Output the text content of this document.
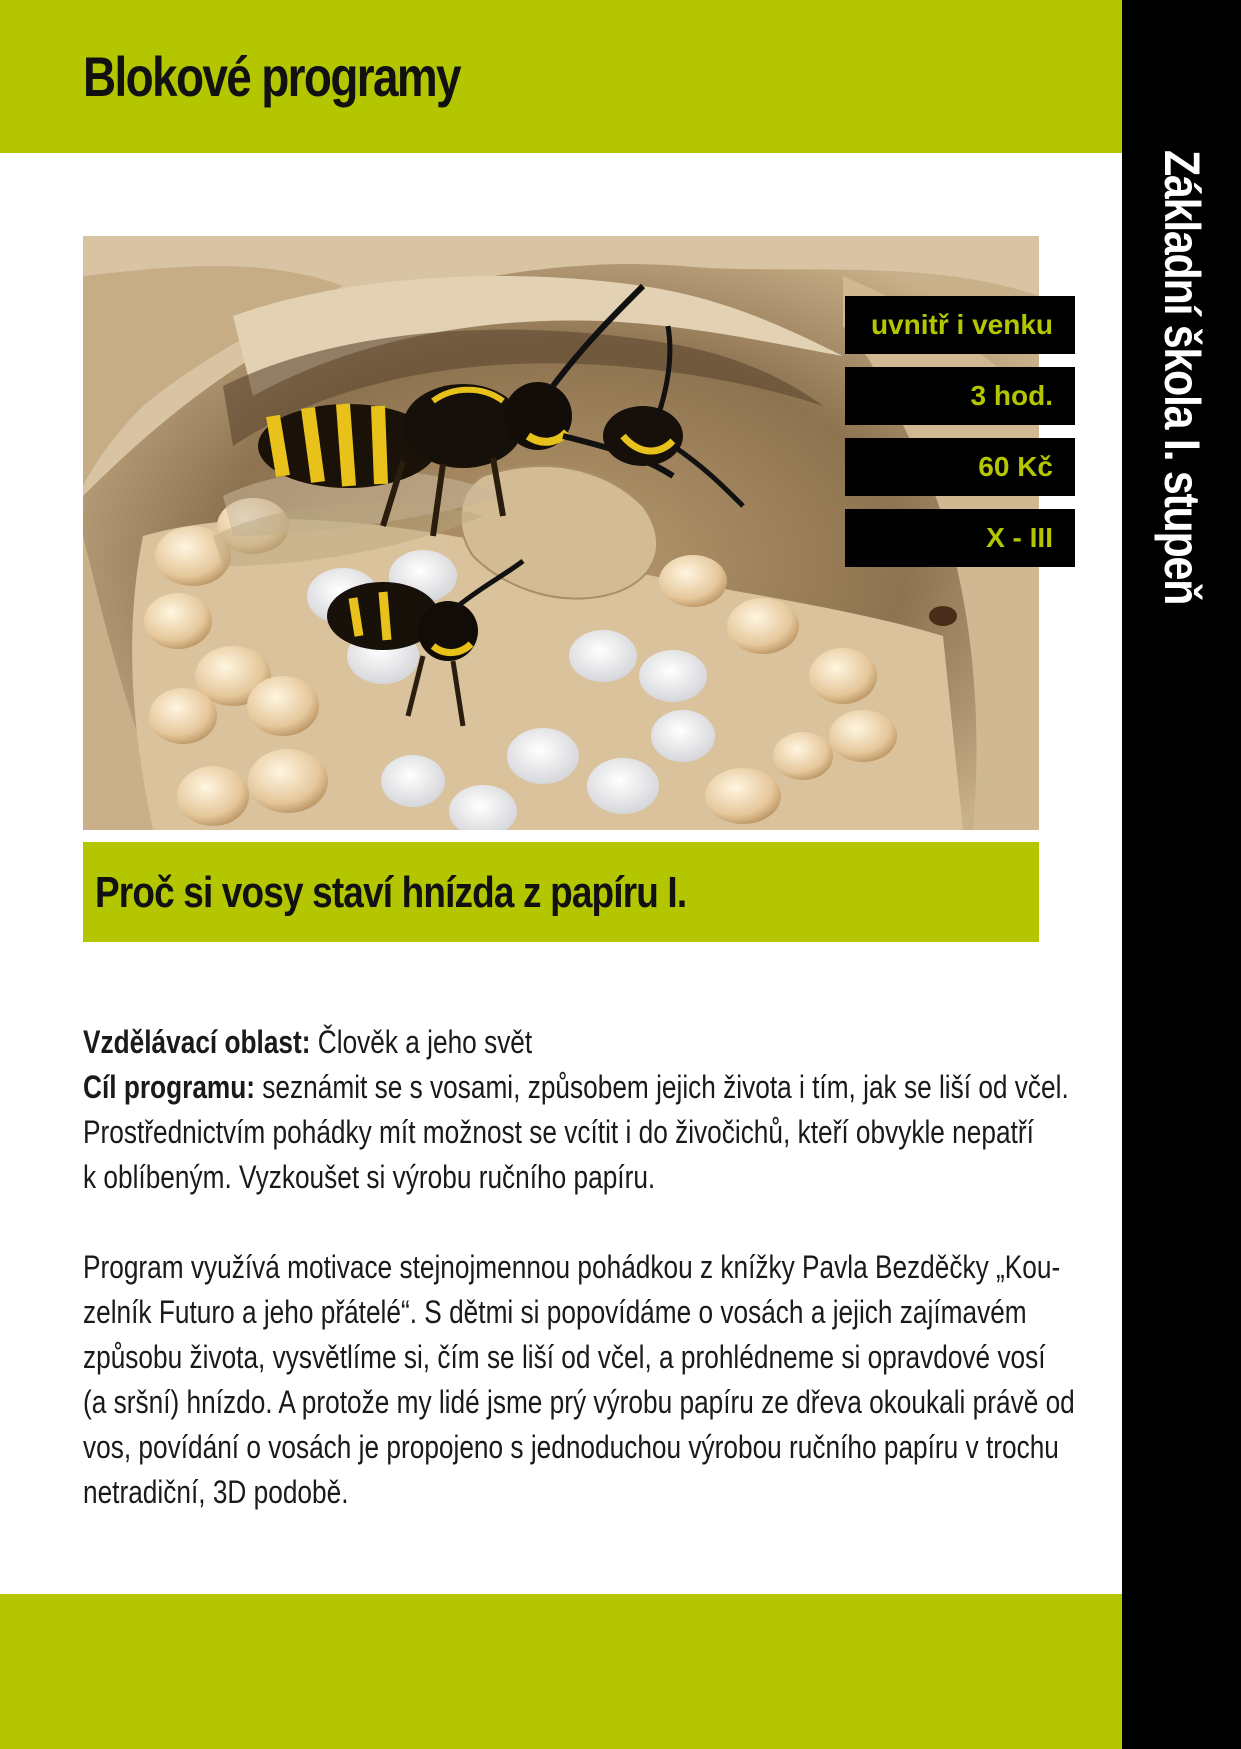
Blokové programy
Základní škola I. stupeň
uvnitř i venku
3 hod.
60 Kč
X - III
Proč si vosy staví hnízda z papíru I.

Vzdělávací oblast: Člověk a jeho svět

Cíl programu: seznámit se s vosami, způsobem jejich života i tím, jak se liší od včel.

Prostřednictvím pohádky mít možnost se vcítit i do živočichů, kteří obvykle nepatří

k oblíbeným. Vyzkoušet si výrobu ručního papíru.

Program využívá motivace stejnojmennou pohádkou z knížky Pavla Bezděčky „Kou-

zelník Futuro a jeho přátelé“. S dětmi si popovídáme o vosách a jejich zajímavém

způsobu života, vysvětlíme si, čím se liší od včel, a prohlédneme si opravdové vosí

(a sršní) hnízdo. A protože my lidé jsme prý výrobu papíru ze dřeva okoukali právě od

vos, povídání o vosách je propojeno s jednoduchou výrobou ručního papíru v trochu

netradiční, 3D podobě.
